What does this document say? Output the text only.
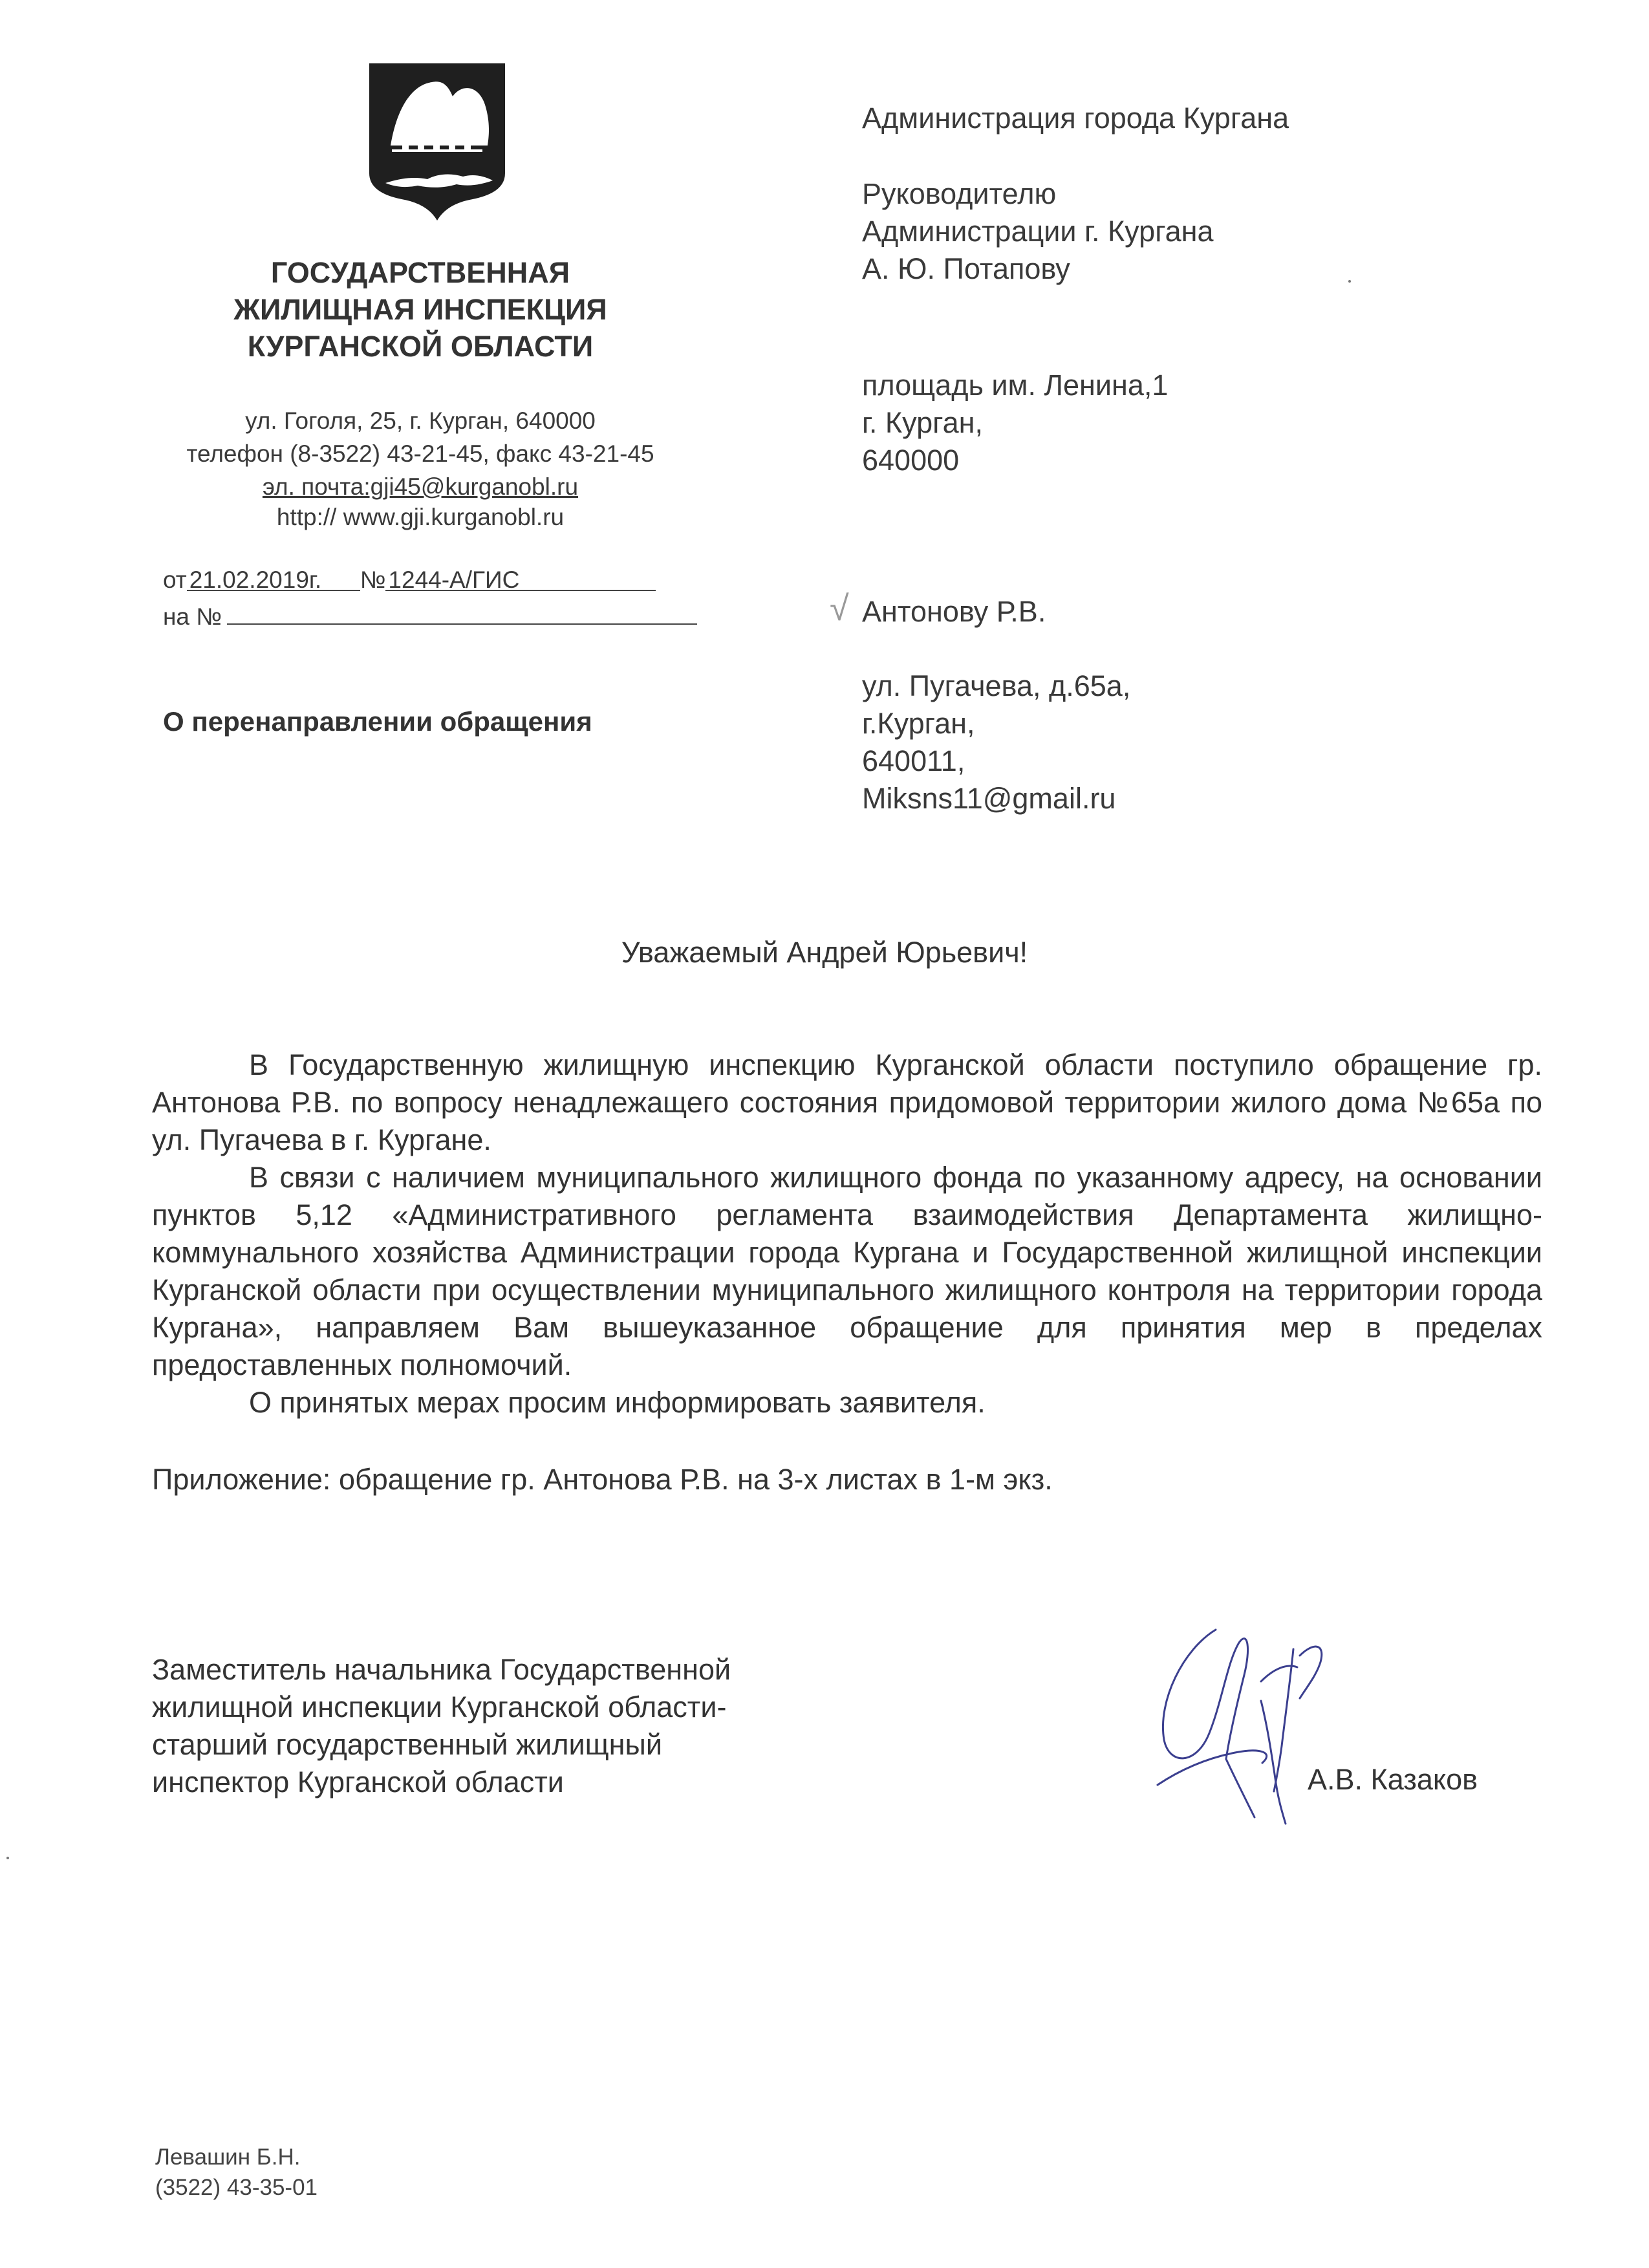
ГОСУДАРСТВЕННАЯ
ЖИЛИЩНАЯ ИНСПЕКЦИЯ
КУРГАНСКОЙ ОБЛАСТИ
ул. Гоголя, 25, г. Курган, 640000
телефон (8-3522) 43-21-45, факс 43-21-45
эл. почта:gji45@kurganobl.ru
http:// www.gji.kurganobl.ru
от 21.02.2019г. № 1244-А/ГИС
на №
О перенаправлении обращения
Администрация города Кургана
Руководителю
Администрации г. Кургана
А. Ю. Потапову
площадь им. Ленина,1
г. Курган,
640000
√ Антонову Р.В.
ул. Пугачева, д.65а,
г.Курган,
640011,
Miksns11@gmail.ru
Уважаемый Андрей Юрьевич!

В Государственную жилищную инспекцию Курганской области поступило обращение гр. Антонова Р.В. по вопросу ненадлежащего состояния придомовой территории жилого дома №65а по ул. Пугачева в г. Кургане.

В связи с наличием муниципального жилищного фонда по указанному адресу, на основании пунктов 5,12 «Административного регламента взаимодействия Департамента жилищно-коммунального хозяйства Администрации города Кургана и Государственной жилищной инспекции Курганской области при осуществлении муниципального жилищного контроля на территории города Кургана», направляем Вам вышеуказанное обращение для принятия мер в пределах предоставленных полномочий.

О принятых мерах просим информировать заявителя.

Приложение: обращение гр. Антонова Р.В. на 3-х листах в 1-м экз.
Заместитель начальника Государственной
жилищной инспекции Курганской области-
старший государственный жилищный
инспектор Курганской области	А.В. Казаков
Левашин Б.Н.
(3522) 43-35-01
